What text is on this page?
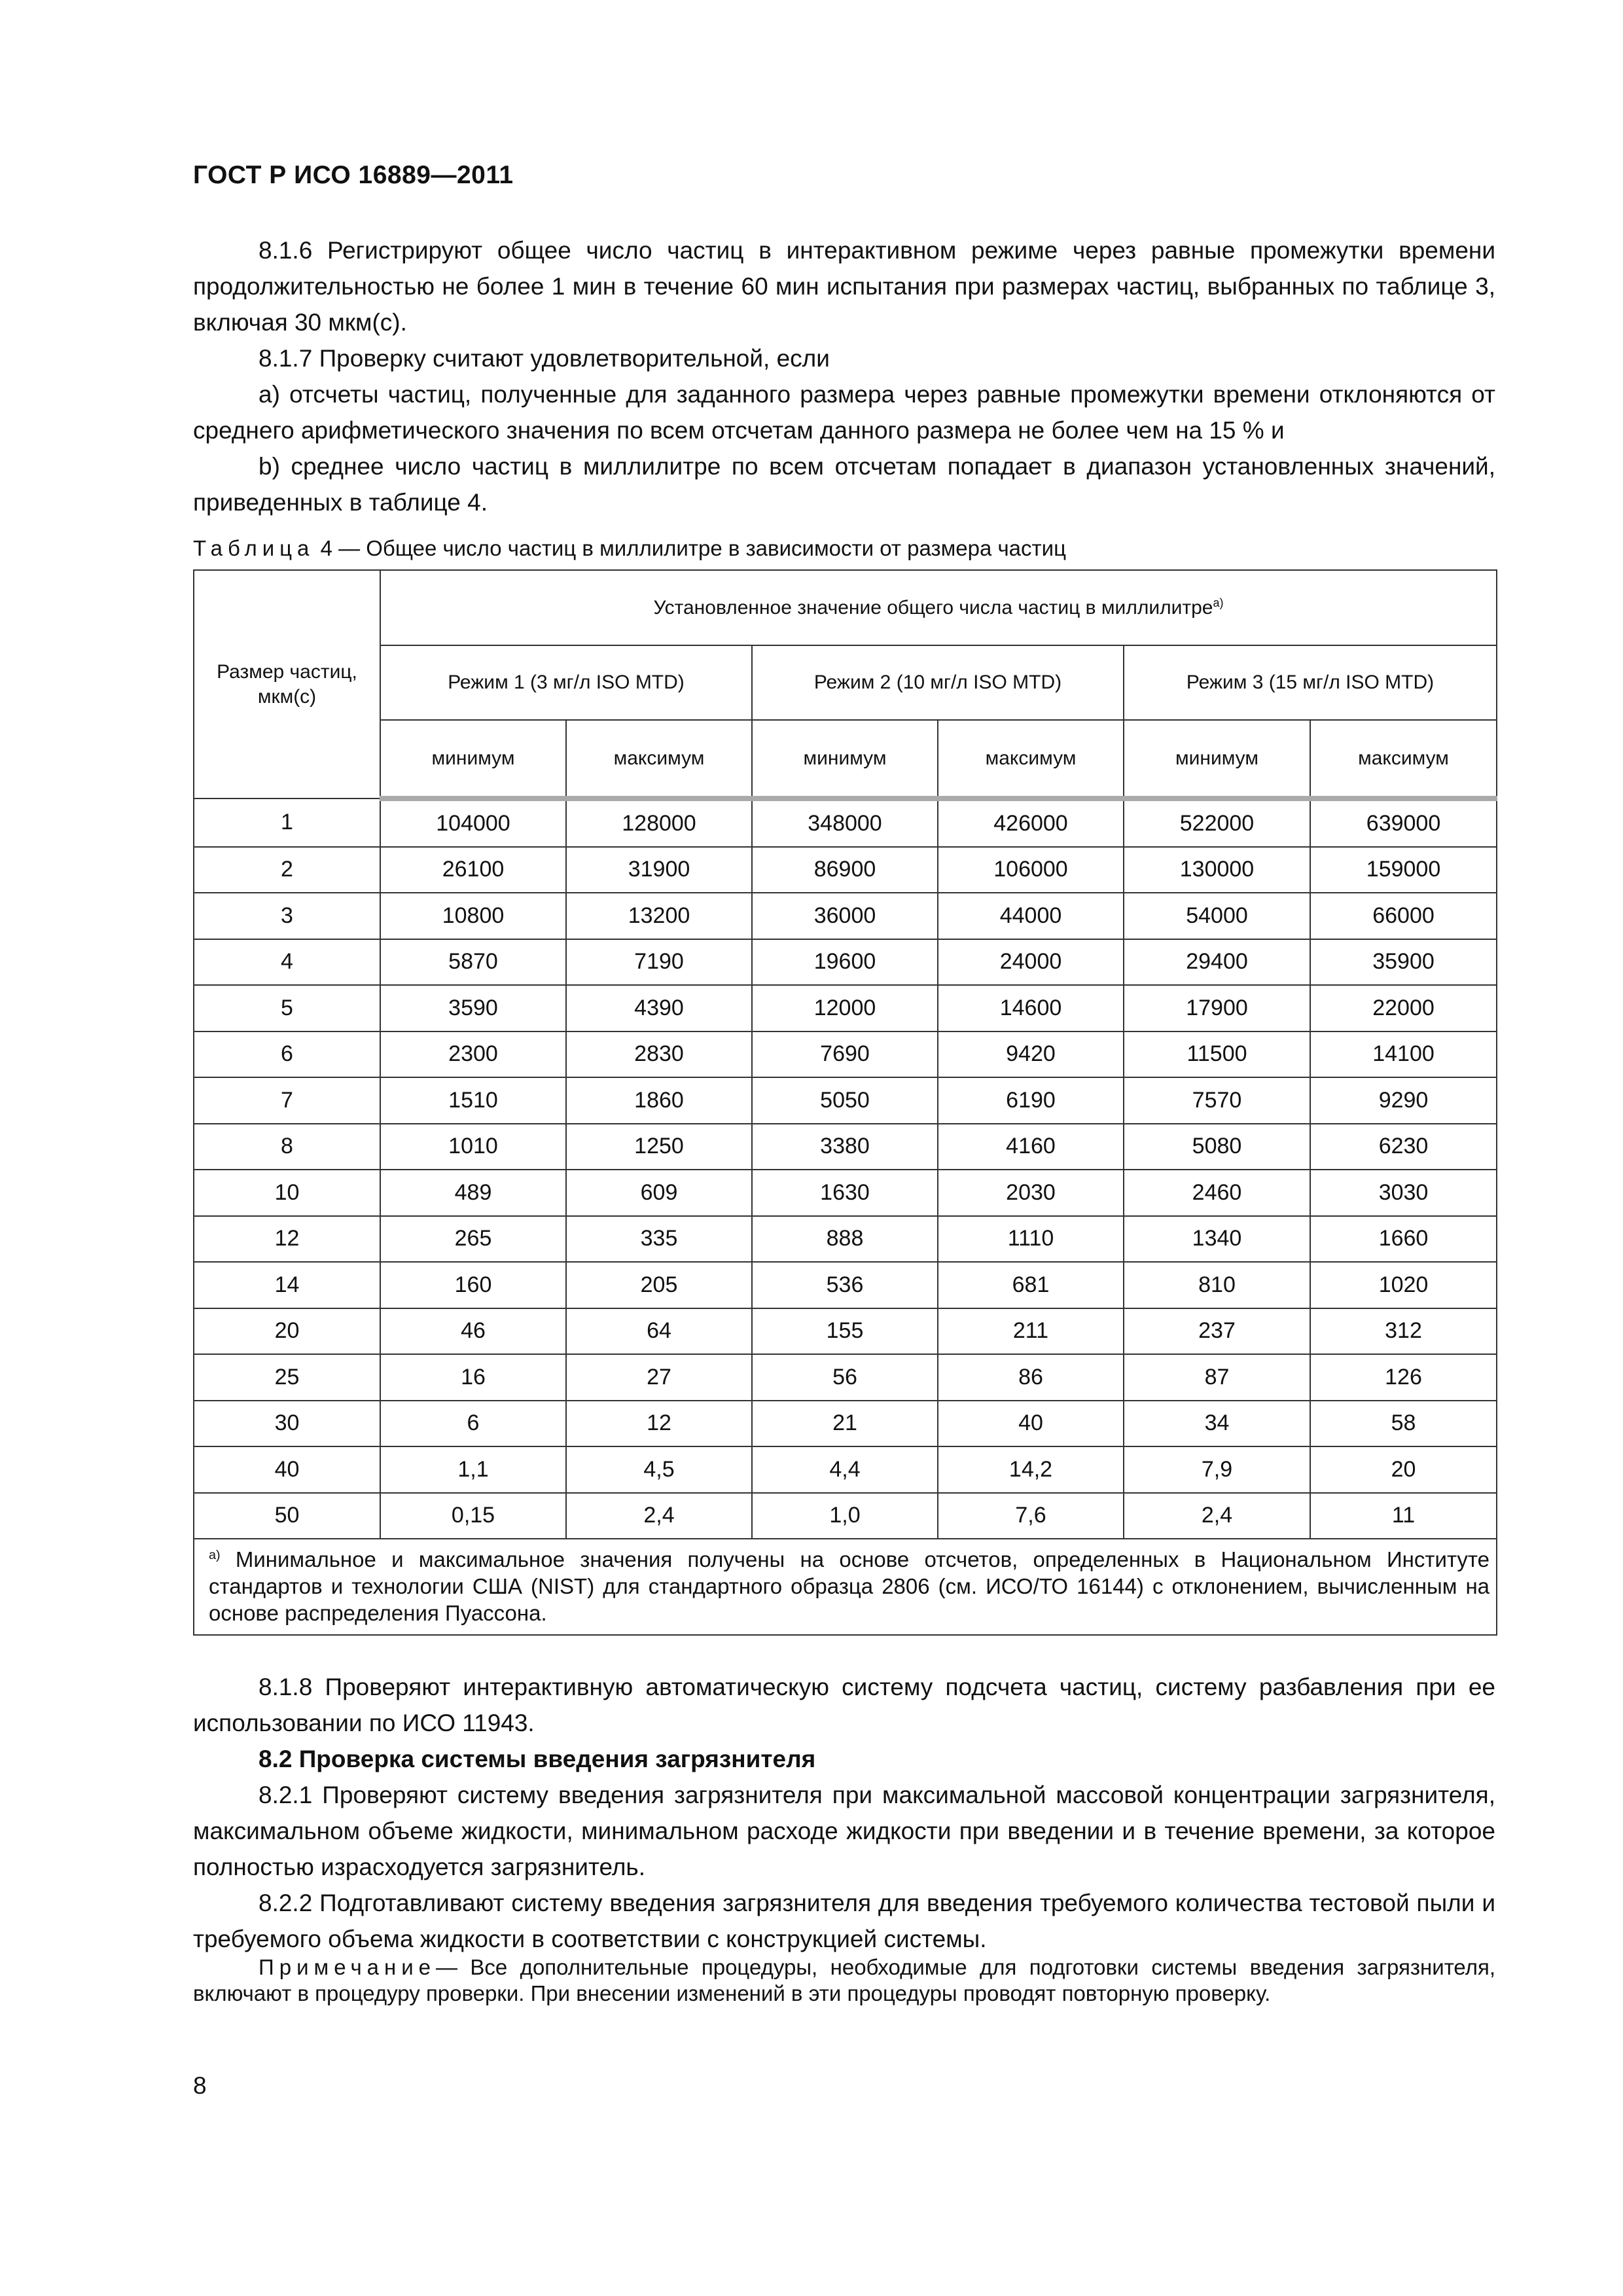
ГОСТ Р ИСО 16889—2011

8.1.6 Регистрируют общее число частиц в интерактивном режиме через равные промежутки времени продолжительностью не более 1 мин в течение 60 мин испытания при размерах частиц, выбранных по таблице 3, включая 30 мкм(с).

8.1.7 Проверку считают удовлетворительной, если

a) отсчеты частиц, полученные для заданного размера через равные промежутки времени отклоняются от среднего арифметического значения по всем отсчетам данного размера не более чем на 15 % и

b) среднее число частиц в миллилитре по всем отсчетам попадает в диапазон установленных значений, приведенных в таблице 4.

Таблица 4 — Общее число частиц в миллилитре в зависимости от размера частиц
Размер частиц, мкм(с)	Установленное значение общего числа частиц в миллилитре$^{а)}$
	Режим 1 (3 мг/л ISO MTD)		Режим 2 (10 мг/л ISO MTD)		Режим 3 (15 мг/л ISO MTD)	
	минимум	максимум	минимум	максимум	минимум	максимум
1	104000	128000	348000	426000	522000	639000
2	26100	31900	86900	106000	130000	159000
3	10800	13200	36000	44000	54000	66000
4	5870	7190	19600	24000	29400	35900
5	3590	4390	12000	14600	17900	22000
6	2300	2830	7690	9420	11500	14100
7	1510	1860	5050	6190	7570	9290
8	1010	1250	3380	4160	5080	6230
10	489	609	1630	2030	2460	3030
12	265	335	888	1110	1340	1660
14	160	205	536	681	810	1020
20	46	64	155	211	237	312
25	16	27	56	86	87	126
30	6	12	21	40	34	58
40	1,1	4,5	4,4	14,2	7,9	20
50	0,15	2,4	1,0	7,6	2,4	11
$^{а)}$ Минимальное и максимальное значения получены на основе отсчетов, определенных в Национальном Институте стандартов и технологии США (NIST) для стандартного образца 2806 (см. ИСО/ТО 16144) с отклонением, вычисленным на основе распределения Пуассона.						

8.1.8 Проверяют интерактивную автоматическую систему подсчета частиц, систему разбавления при ее использовании по ИСО 11943.

8.2 Проверка системы введения загрязнителя

8.2.1 Проверяют систему введения загрязнителя при максимальной массовой концентрации загрязнителя, максимальном объеме жидкости, минимальном расходе жидкости при введении и в течение времени, за которое полностью израсходуется загрязнитель.

8.2.2 Подготавливают систему введения загрязнителя для введения требуемого количества тестовой пыли и требуемого объема жидкости в соответствии с конструкцией системы.

Примечание— Все дополнительные процедуры, необходимые для подготовки системы введения загрязнителя, включают в процедуру проверки. При внесении изменений в эти процедуры проводят повторную проверку.

8
